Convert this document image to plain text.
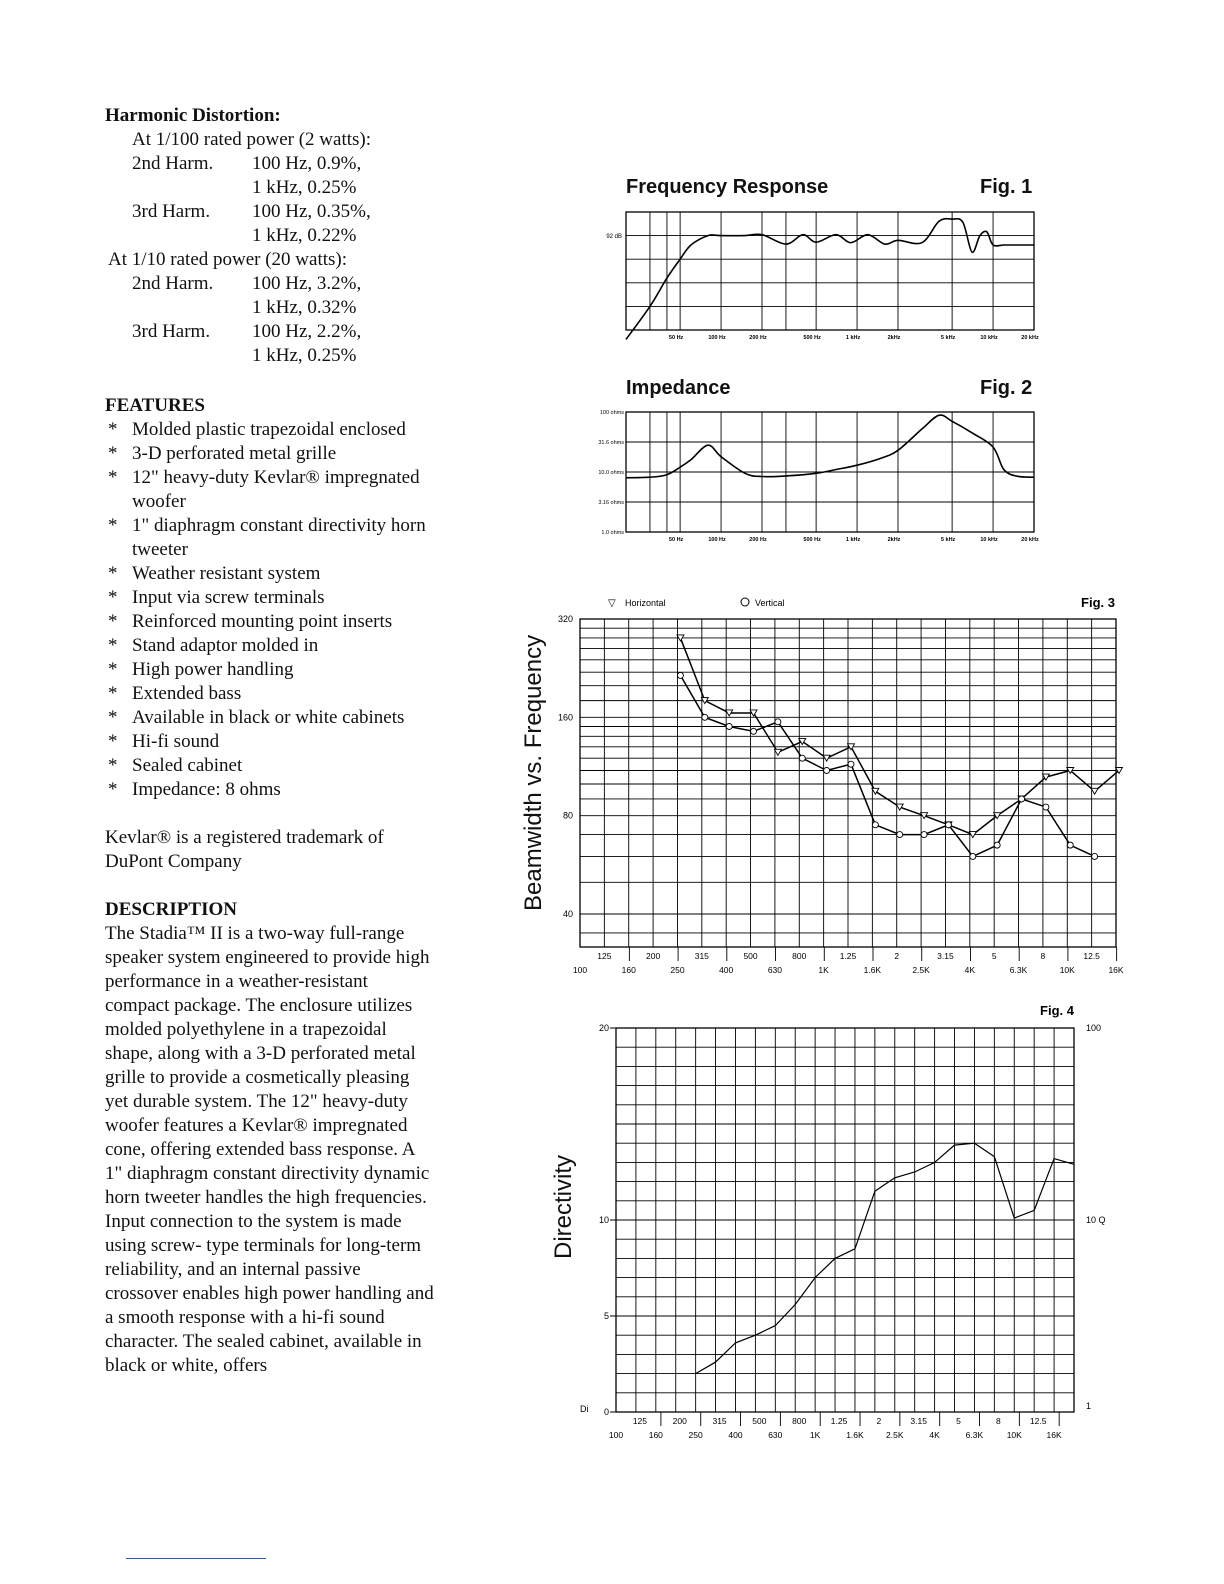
Harmonic Distortion:
At 1/100 rated power (2 watts):
2nd Harm. 100 Hz, 0.9%,
1 kHz, 0.25%
3rd Harm. 100 Hz, 0.35%,
1 kHz, 0.22%
At 1/10 rated power (20 watts):
2nd Harm. 100 Hz, 3.2%,
1 kHz, 0.32%
3rd Harm. 100 Hz, 2.2%,
1 kHz, 0.25%
FEATURES
* Molded plastic trapezoidal enclosed
* 3-D perforated metal grille
* 12" heavy-duty Kevlar® impregnated woofer
* 1" diaphragm constant directivity horn tweeter
* Weather resistant system
* Input via screw terminals
* Reinforced mounting point inserts
* Stand adaptor molded in
* High power handling
* Extended bass
* Available in black or white cabinets
* Hi-fi sound
* Sealed cabinet
* Impedance: 8 ohms
Kevlar® is a registered trademark of DuPont Company
DESCRIPTION
The Stadia™ II is a two-way full-range speaker system engineered to provide high performance in a weather-resistant compact package. The enclosure utilizes molded polyethylene in a trapezoidal shape, along with a 3-D perforated metal grille to provide a cosmetically pleasing yet durable system. The 12" heavy-duty woofer features a Kevlar® impregnated cone, offering extended bass response. A 1" diaphragm constant directivity dynamic horn tweeter handles the high frequencies. Input connection to the system is made using screw- type terminals for long-term reliability, and an internal passive crossover enables high power handling and a smooth response with a hi-fi sound character. The sealed cabinet, available in black or white, offers
Frequency Response	Fig. 1
50 Hz	100 Hz	200 Hz	500 Hz	1 kHz	2kHz	5 kHz	10 kHz	20 kHz
92 dB
Impedance	Fig. 2
50 Hz	100 Hz	200 Hz	500 Hz	1 kHz	2kHz	5 kHz	10 kHz	20 kHz
100 ohms
31.6 ohms
10.0 ohms
3.16 ohms
1.0 ohms
Beamwidth vs. Frequency
320
160
80
40
▽ Horizontal	Vertical	Fig. 3
125	200	315	500	800	1.25	2	3.15	5	8	12.5
100	160	250	400	630	1K	1.6K	2.5K	4K	6.3K	10K	16K
Directivity
20
10
5
0
Di
100
10 Q
1
Fig. 4
125	200	315	500	800	1.25	2	3.15	5	8	12.5
100	160	250	400	630	1K	1.6K	2.5K	4K	6.3K	10K	16K
